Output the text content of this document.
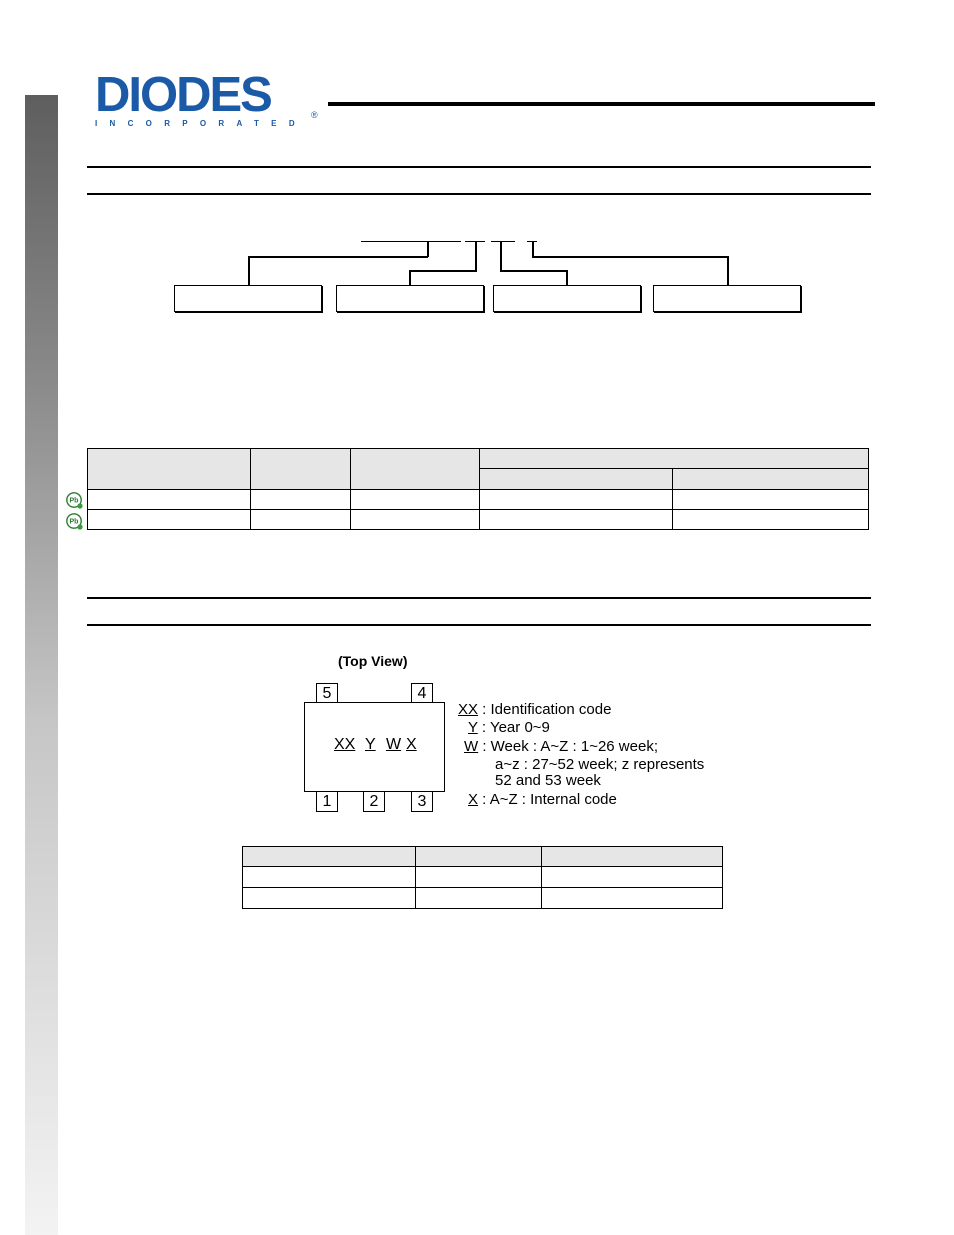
DIODES
INCORPORATED
®

Pb
Pb
(Top View)
5	4
1	2	3
XX Y W X
XX : Identification code
Y : Year 0~9
W : Week : A~Z : 1~26 week;
a~z : 27~52 week; z represents
52 and 53 week
X : A~Z : Internal code
